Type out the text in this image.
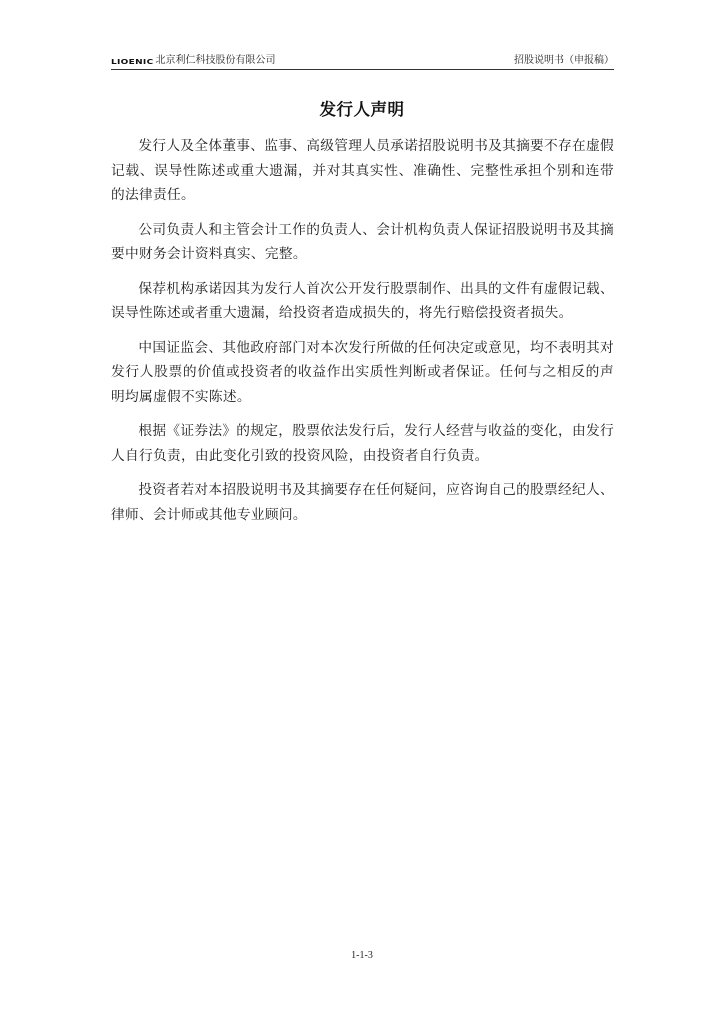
LIOENIC 北京利仁科技股份有限公司	招股说明书（申报稿）
发行人声明

发行人及全体董事、监事、高级管理人员承诺招股说明书及其摘要不存在虚假记载、误导性陈述或重大遗漏，并对其真实性、准确性、完整性承担个别和连带的法律责任。

公司负责人和主管会计工作的负责人、会计机构负责人保证招股说明书及其摘要中财务会计资料真实、完整。

保荐机构承诺因其为发行人首次公开发行股票制作、出具的文件有虚假记载、误导性陈述或者重大遗漏，给投资者造成损失的，将先行赔偿投资者损失。

中国证监会、其他政府部门对本次发行所做的任何决定或意见，均不表明其对发行人股票的价值或投资者的收益作出实质性判断或者保证。任何与之相反的声明均属虚假不实陈述。

根据《证券法》的规定，股票依法发行后，发行人经营与收益的变化，由发行人自行负责，由此变化引致的投资风险，由投资者自行负责。

投资者若对本招股说明书及其摘要存在任何疑问，应咨询自己的股票经纪人、律师、会计师或其他专业顾问。

1-1-3
